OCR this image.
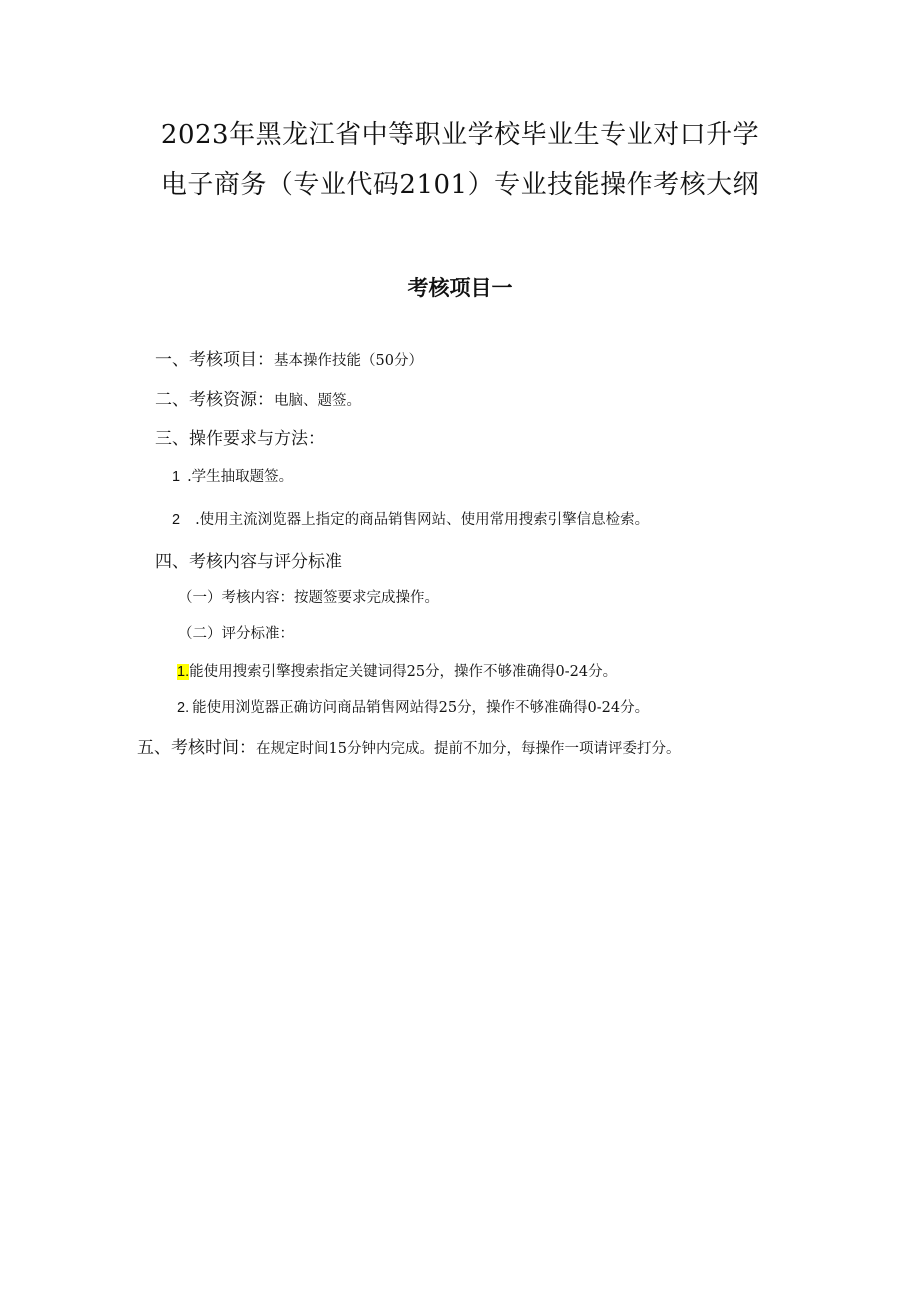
2023年黑龙江省中等职业学校毕业生专业对口升学
电子商务（专业代码2101）专业技能操作考核大纲
考核项目一
一、考核项目：基本操作技能（50分）
二、考核资源：电脑、题签。
三、操作要求与方法：
1 .学生抽取题签。
2 .使用主流浏览器上指定的商品销售网站、使用常用搜索引擎信息检索。
四、考核内容与评分标准
（一）考核内容：按题签要求完成操作。
（二）评分标准：
1.能使用搜索引擎搜索指定关键词得25分，操作不够准确得0-24分。
2. 能使用浏览器正确访问商品销售网站得25分，操作不够准确得0-24分。
五、考核时间：在规定时间15分钟内完成。提前不加分，每操作一项请评委打分。
